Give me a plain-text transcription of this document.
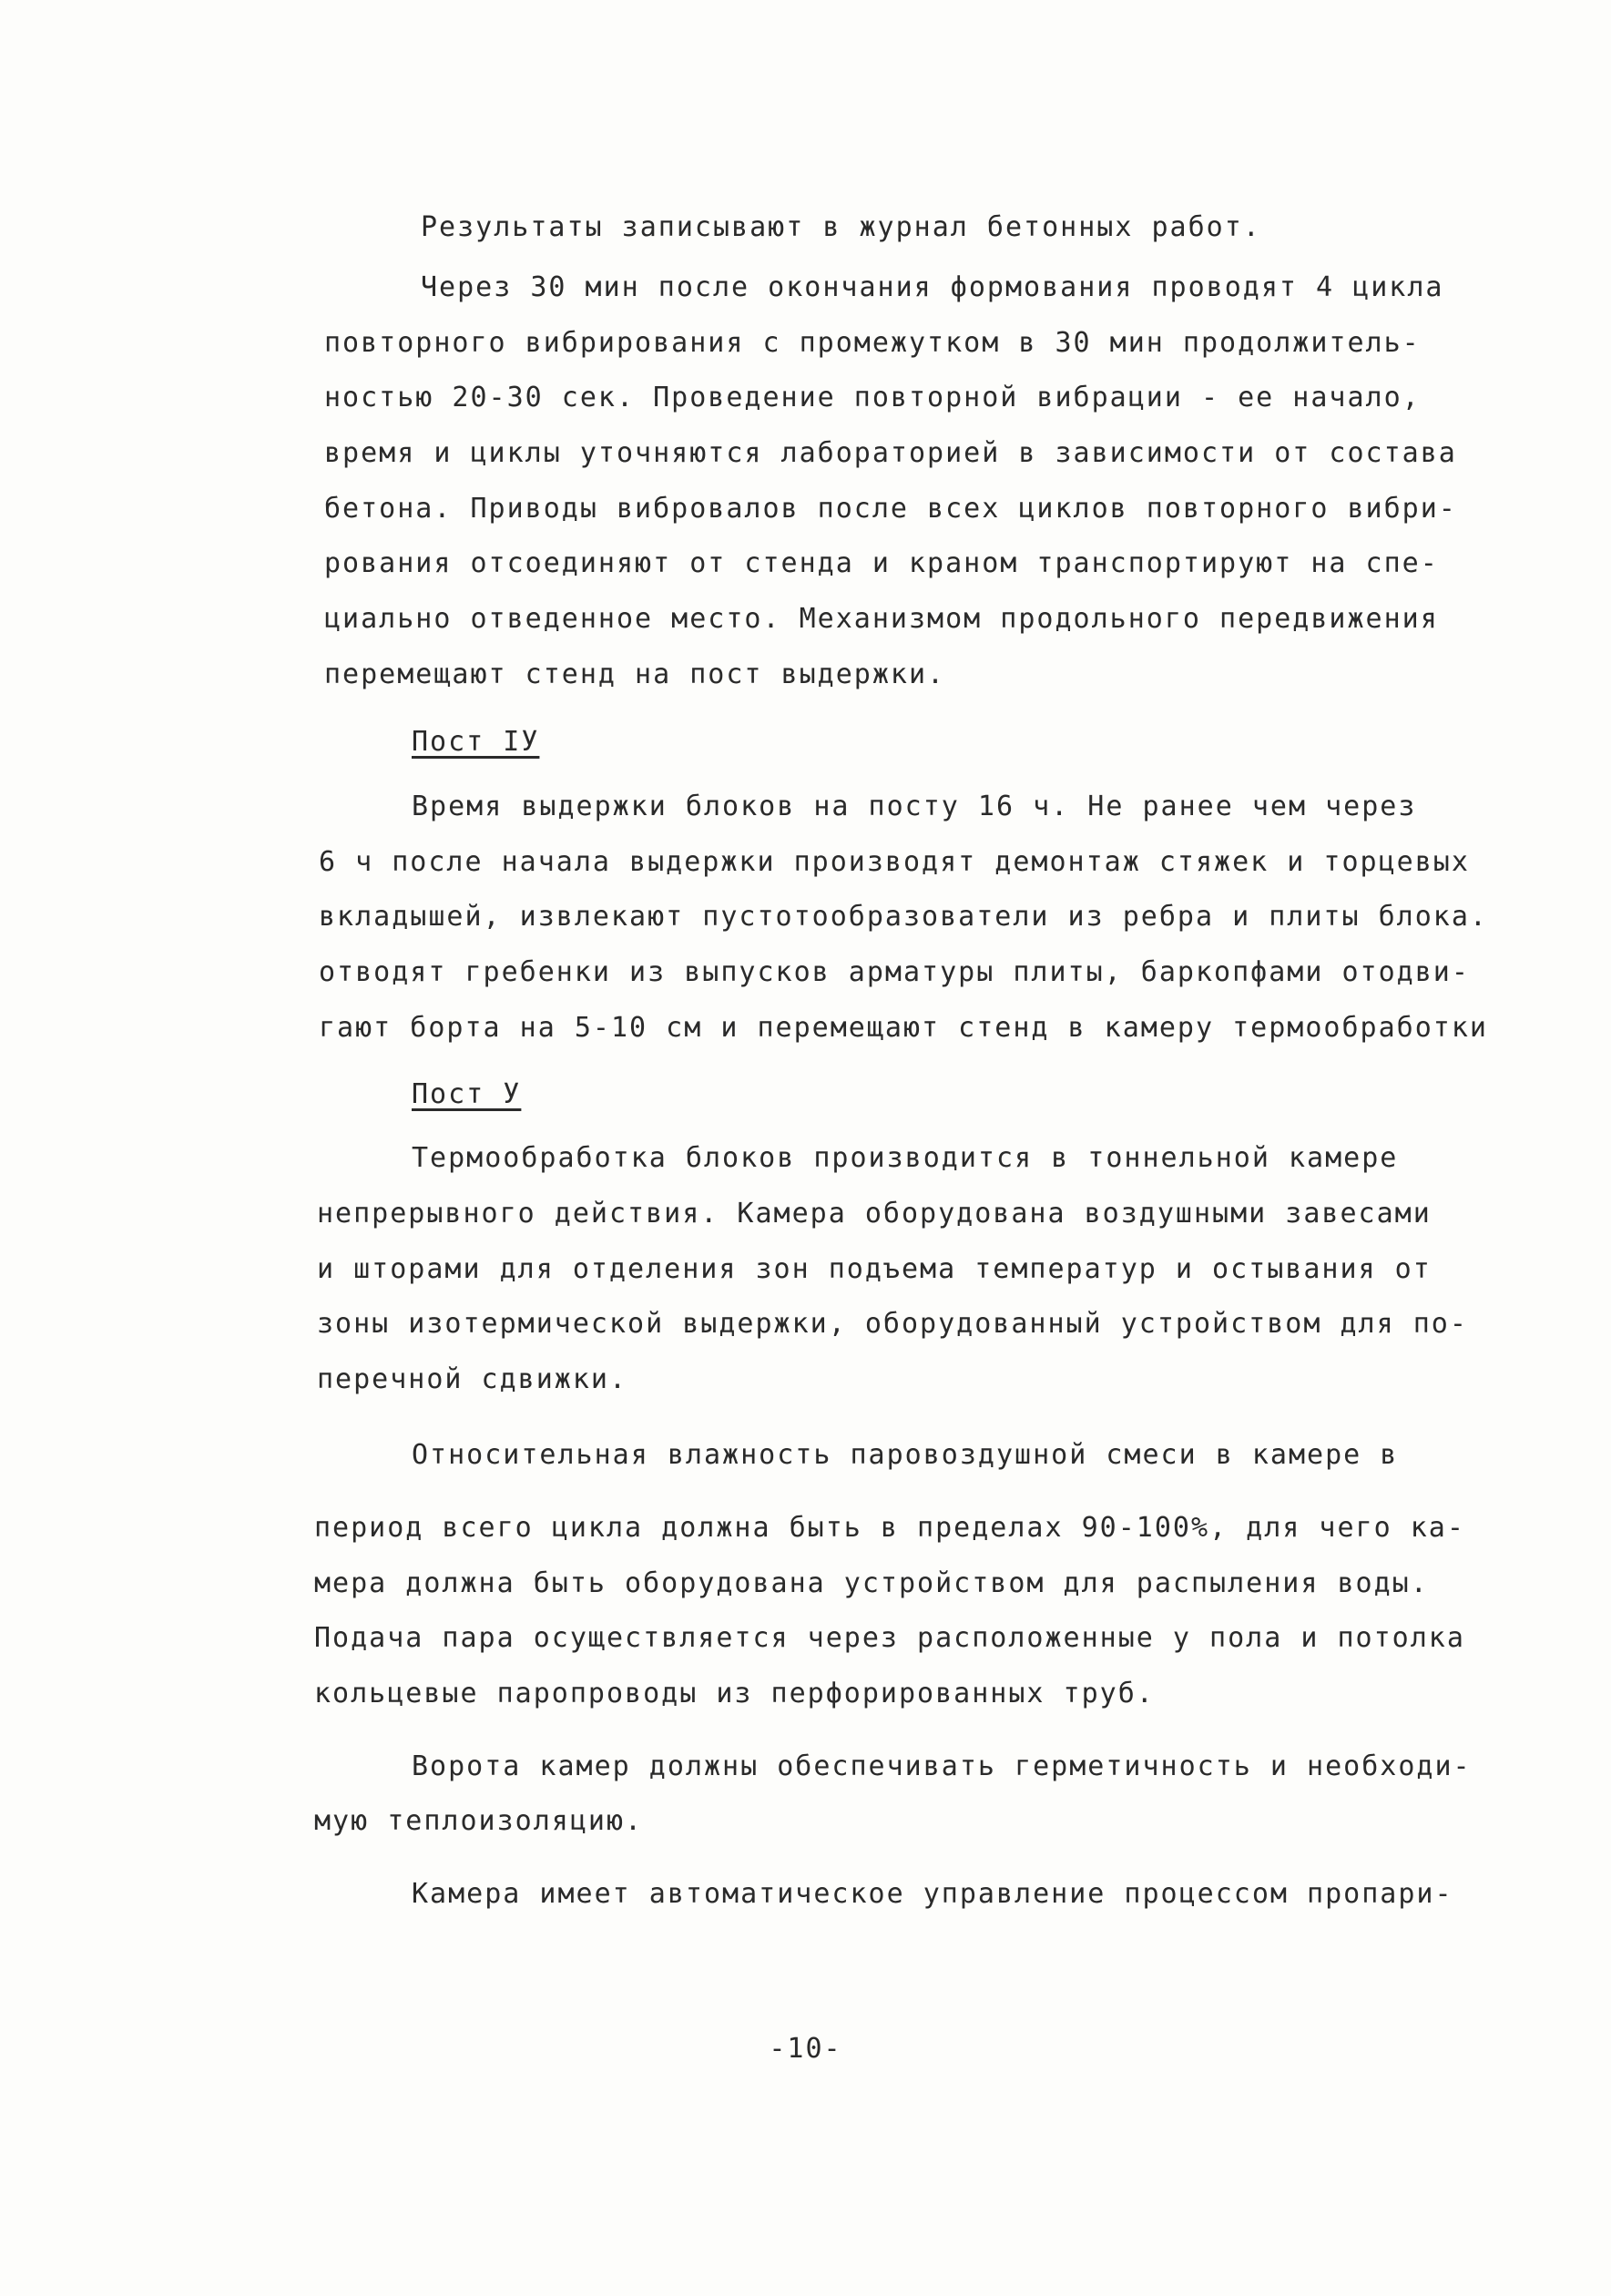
Результаты записывают в журнал бетонных работ.

Через 30 мин после окончания формования проводят 4 цикла

повторного вибрирования с промежутком в 30 мин продолжитель-

ностью 20-30 сек. Проведение повторной вибрации - ее начало,

время и циклы уточняются лабораторией в зависимости от состава

бетона. Приводы вибровалов после всех циклов повторного вибри-

рования отсоединяют от стенда и краном транспортируют на спе-

циально отведенное место. Механизмом продольного передвижения

перемещают стенд на пост выдержки.

Пост IУ

Время выдержки блоков на посту 16 ч. Не ранее чем через

6 ч после начала выдержки производят демонтаж стяжек и торцевых

вкладышей, извлекают пустотообразователи из ребра и плиты блока.

отводят гребенки из выпусков арматуры плиты, баркопфами отодви-

гают борта на 5-10 см и перемещают стенд в камеру термообработки

Пост У

Термообработка блоков производится в тоннельной камере

непрерывного действия. Камера оборудована воздушными завесами

и шторами для отделения зон подъема температур и остывания от

зоны изотермической выдержки, оборудованный устройством для по-

перечной сдвижки.

Относительная влажность паровоздушной смеси в камере в

период всего цикла должна быть в пределах 90-100%, для чего ка-

мера должна быть оборудована устройством для распыления воды.

Подача пара осуществляется через расположенные у пола и потолка

кольцевые паропроводы из перфорированных труб.

Ворота камер должны обеспечивать герметичность и необходи-

мую теплоизоляцию.

Камера имеет автоматическое управление процессом пропари-

-10-
